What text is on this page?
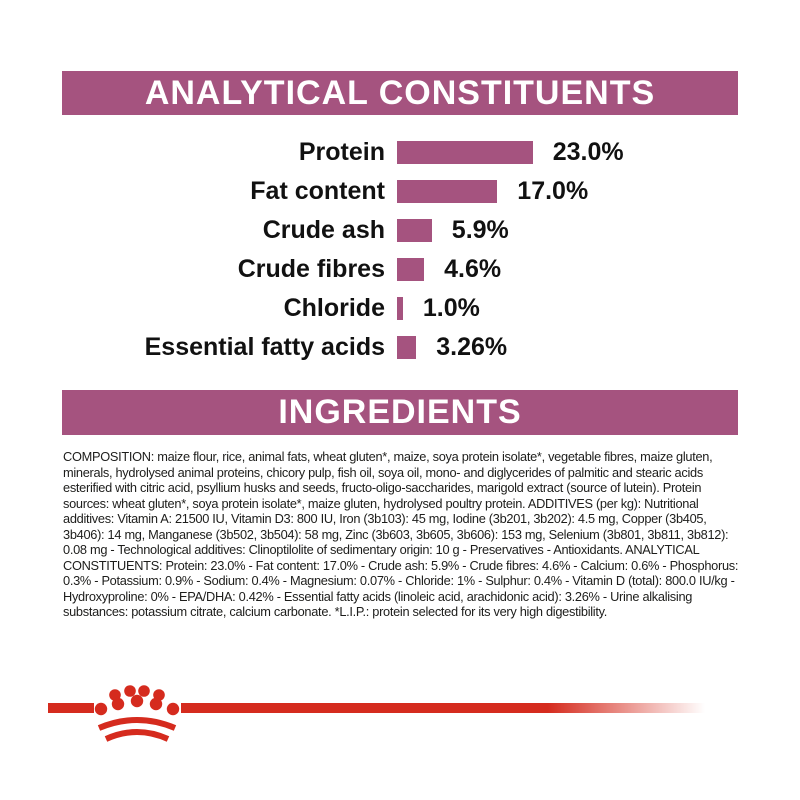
ANALYTICAL CONSTITUENTS
Protein	23.0%
Fat content	17.0%
Crude ash	5.9%
Crude fibres	4.6%
Chloride	1.0%
Essential fatty acids	3.26%
INGREDIENTS
COMPOSITION: maize flour, rice, animal fats, wheat gluten*, maize, soya protein isolate*, vegetable fibres, maize gluten, minerals, hydrolysed animal proteins, chicory pulp, fish oil, soya oil, mono- and diglycerides of palmitic and stearic acids esterified with citric acid, psyllium husks and seeds, fructo-oligo-saccharides, marigold extract (source of lutein). Protein sources: wheat gluten*, soya protein isolate*, maize gluten, hydrolysed poultry protein. ADDITIVES (per kg): Nutritional additives: Vitamin A: 21500 IU, Vitamin D3: 800 IU, Iron (3b103): 45 mg, Iodine (3b201, 3b202): 4.5 mg, Copper (3b405, 3b406): 14 mg, Manganese (3b502, 3b504): 58 mg, Zinc (3b603, 3b605, 3b606): 153 mg, Selenium (3b801, 3b811, 3b812): 0.08 mg - Technological additives: Clinoptilolite of sedimentary origin: 10 g - Preservatives - Antioxidants. ANALYTICAL CONSTITUENTS: Protein: 23.0% - Fat content: 17.0% - Crude ash: 5.9% - Crude fibres: 4.6% - Calcium: 0.6% - Phosphorus: 0.3% - Potassium: 0.9% - Sodium: 0.4% - Magnesium: 0.07% - Chloride: 1% - Sulphur: 0.4% - Vitamin D (total): 800.0 IU/kg - Hydroxyproline: 0% - EPA/DHA: 0.42% - Essential fatty acids (linoleic acid, arachidonic acid): 3.26% - Urine alkalising substances: potassium citrate, calcium carbonate. *L.I.P.: protein selected for its very high digestibility.
